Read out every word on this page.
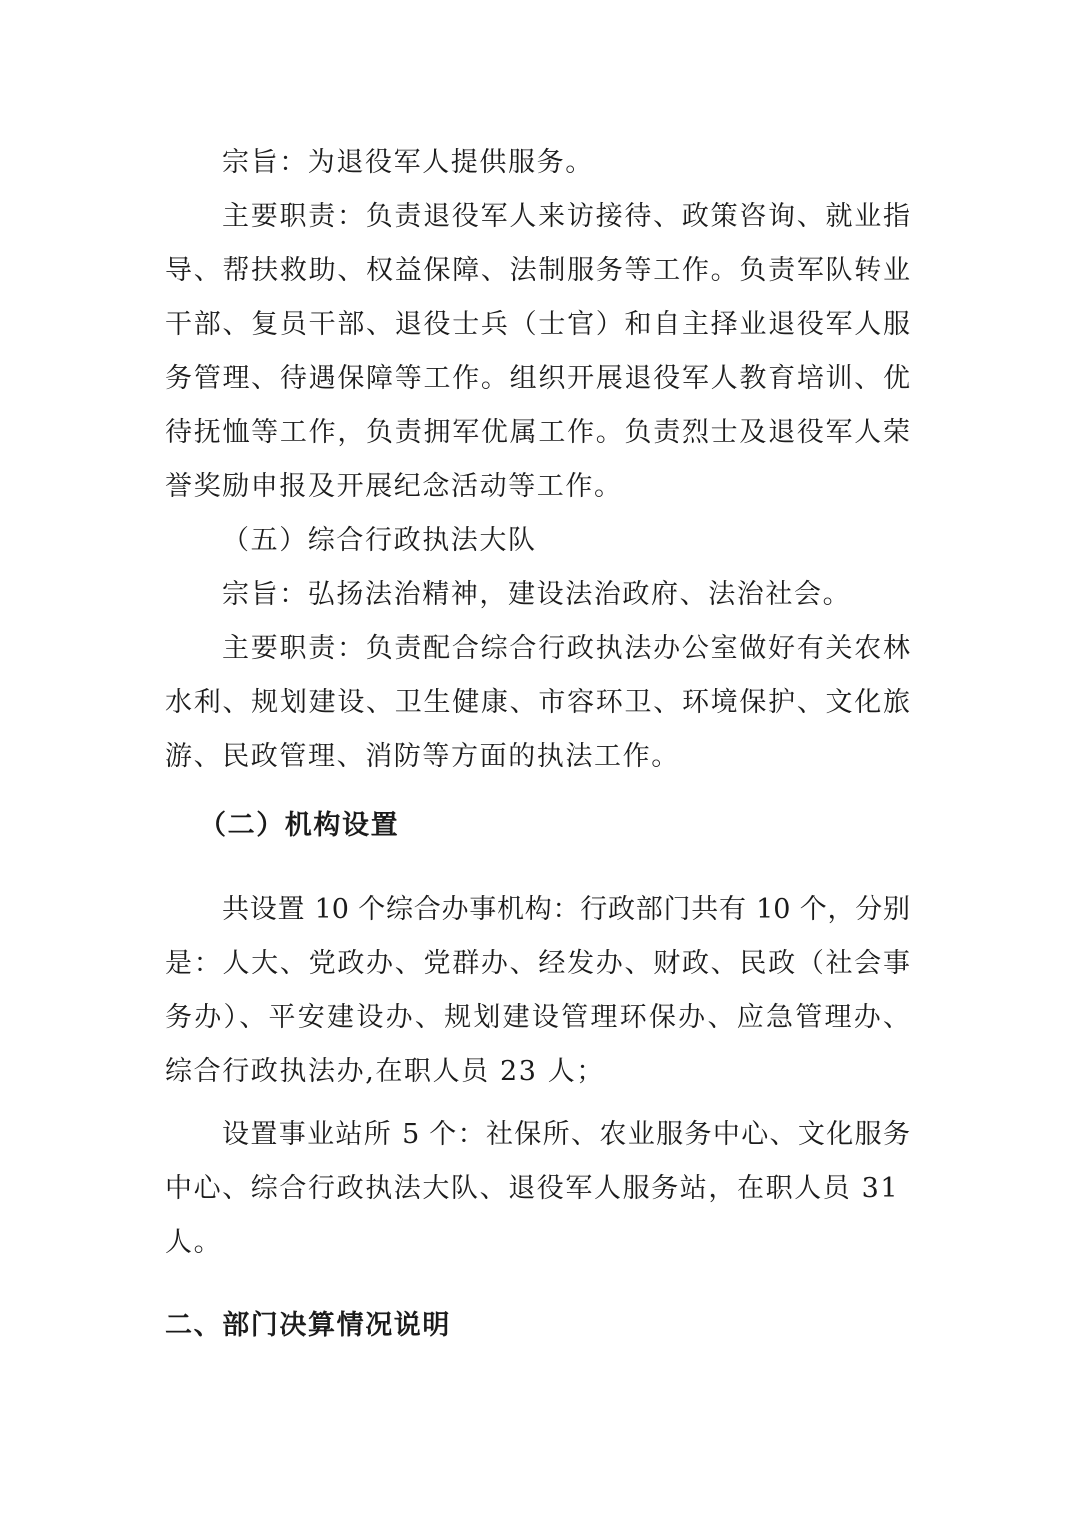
宗旨：为退役军人提供服务。
主要职责：负责退役军人来访接待、政策咨询、就业指
导、帮扶救助、权益保障、法制服务等工作。负责军队转业
干部、复员干部、退役士兵（士官）和自主择业退役军人服
务管理、待遇保障等工作。组织开展退役军人教育培训、优
待抚恤等工作，负责拥军优属工作。负责烈士及退役军人荣
誉奖励申报及开展纪念活动等工作。
（五）综合行政执法大队
宗旨：弘扬法治精神，建设法治政府、法治社会。
主要职责：负责配合综合行政执法办公室做好有关农林
水利、规划建设、卫生健康、市容环卫、环境保护、文化旅
游、民政管理、消防等方面的执法工作。
（二）机构设置
共设置 10 个综合办事机构：行政部门共有 10 个，分别
是：人大、党政办、党群办、经发办、财政、民政（社会事
务办）、平安建设办、规划建设管理环保办、应急管理办、
综合行政执法办,在职人员 23 人；
设置事业站所 5 个：社保所、农业服务中心、文化服务
中心、综合行政执法大队、退役军人服务站，在职人员 31
人。
二、部门决算情况说明
